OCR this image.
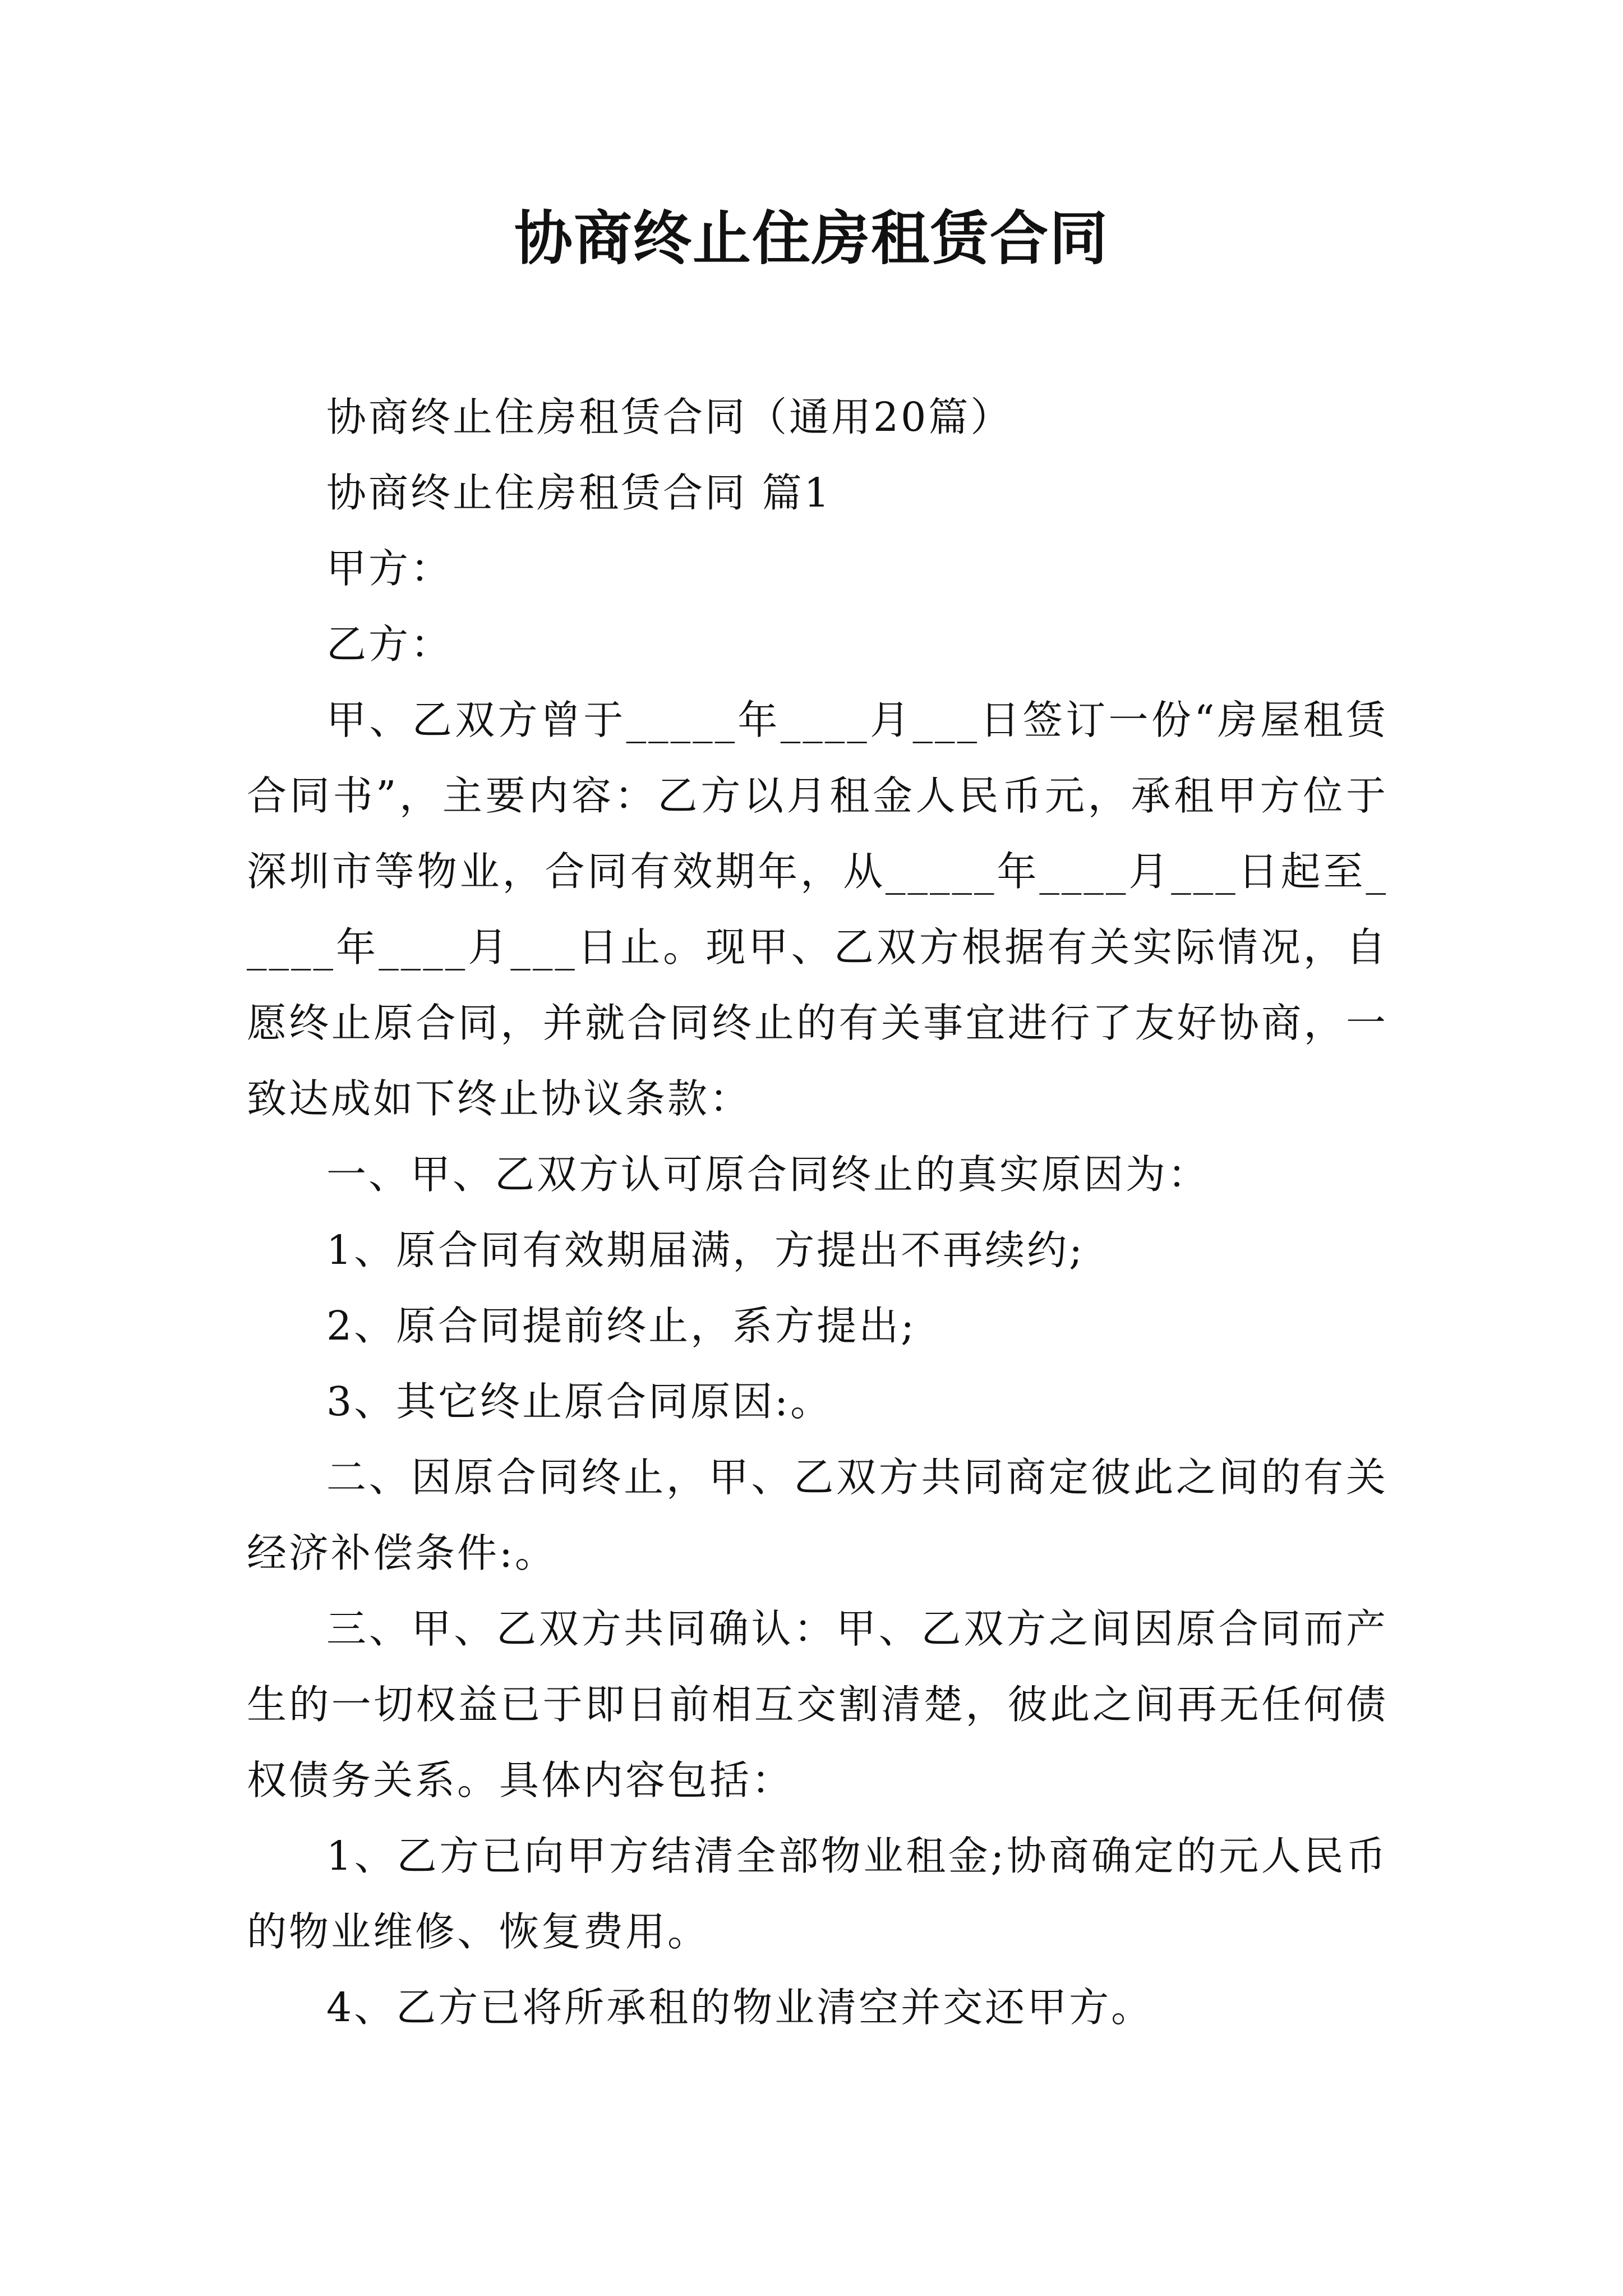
协商终止住房租赁合同

协商终止住房租赁合同（通用20篇）

协商终止住房租赁合同 篇1

甲方：

乙方：

甲、乙双方曾于_____年____月___日签订一份“房屋租赁合同书”，主要内容：乙方以月租金人民币元，承租甲方位于深圳市等物业，合同有效期年，从_____年____月___日起至_____年____月___日止。现甲、乙双方根据有关实际情况，自愿终止原合同，并就合同终止的有关事宜进行了友好协商，一致达成如下终止协议条款：

一、甲、乙双方认可原合同终止的真实原因为：

1、原合同有效期届满，方提出不再续约;

2、原合同提前终止，系方提出;

3、其它终止原合同原因:。

二、因原合同终止，甲、乙双方共同商定彼此之间的有关经济补偿条件:。

三、甲、乙双方共同确认：甲、乙双方之间因原合同而产生的一切权益已于即日前相互交割清楚，彼此之间再无任何债权债务关系。具体内容包括：

1、乙方已向甲方结清全部物业租金;协商确定的元人民币的物业维修、恢复费用。

4、乙方已将所承租的物业清空并交还甲方。
